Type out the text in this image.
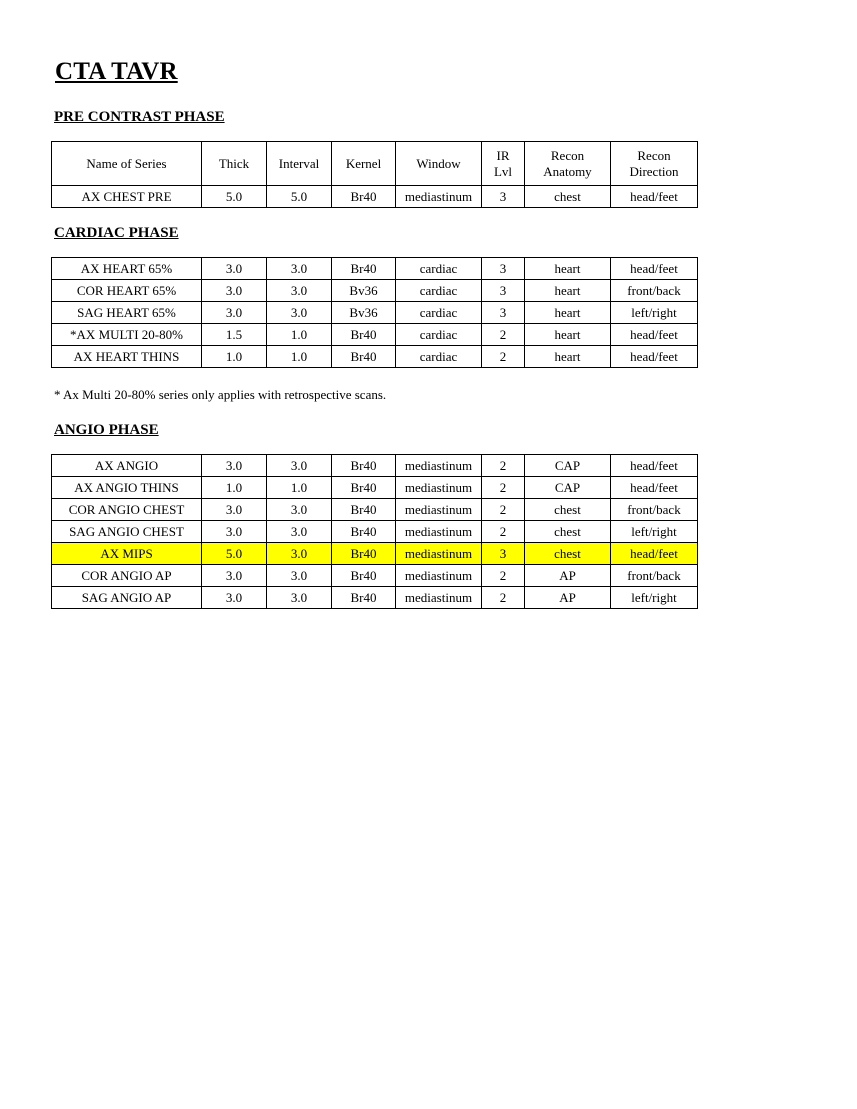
CTA TAVR
PRE CONTRAST PHASE
Name of Series	Thick	Interval	Kernel	Window	IR Lvl	Recon Anatomy	Recon Direction
AX CHEST PRE	5.0	5.0	Br40	mediastinum	3	chest	head/feet
CARDIAC PHASE
AX HEART 65%	3.0	3.0	Br40	cardiac	3	heart	head/feet
COR HEART 65%	3.0	3.0	Bv36	cardiac	3	heart	front/back
SAG HEART 65%	3.0	3.0	Bv36	cardiac	3	heart	left/right
*AX MULTI 20-80%	1.5	1.0	Br40	cardiac	2	heart	head/feet
AX HEART THINS	1.0	1.0	Br40	cardiac	2	heart	head/feet

* Ax Multi 20-80% series only applies with retrospective scans.

ANGIO PHASE
AX ANGIO	3.0	3.0	Br40	mediastinum	2	CAP	head/feet
AX ANGIO THINS	1.0	1.0	Br40	mediastinum	2	CAP	head/feet
COR ANGIO CHEST	3.0	3.0	Br40	mediastinum	2	chest	front/back
SAG ANGIO CHEST	3.0	3.0	Br40	mediastinum	2	chest	left/right
AX MIPS	5.0	3.0	Br40	mediastinum	3	chest	head/feet
COR ANGIO AP	3.0	3.0	Br40	mediastinum	2	AP	front/back
SAG ANGIO AP	3.0	3.0	Br40	mediastinum	2	AP	left/right
